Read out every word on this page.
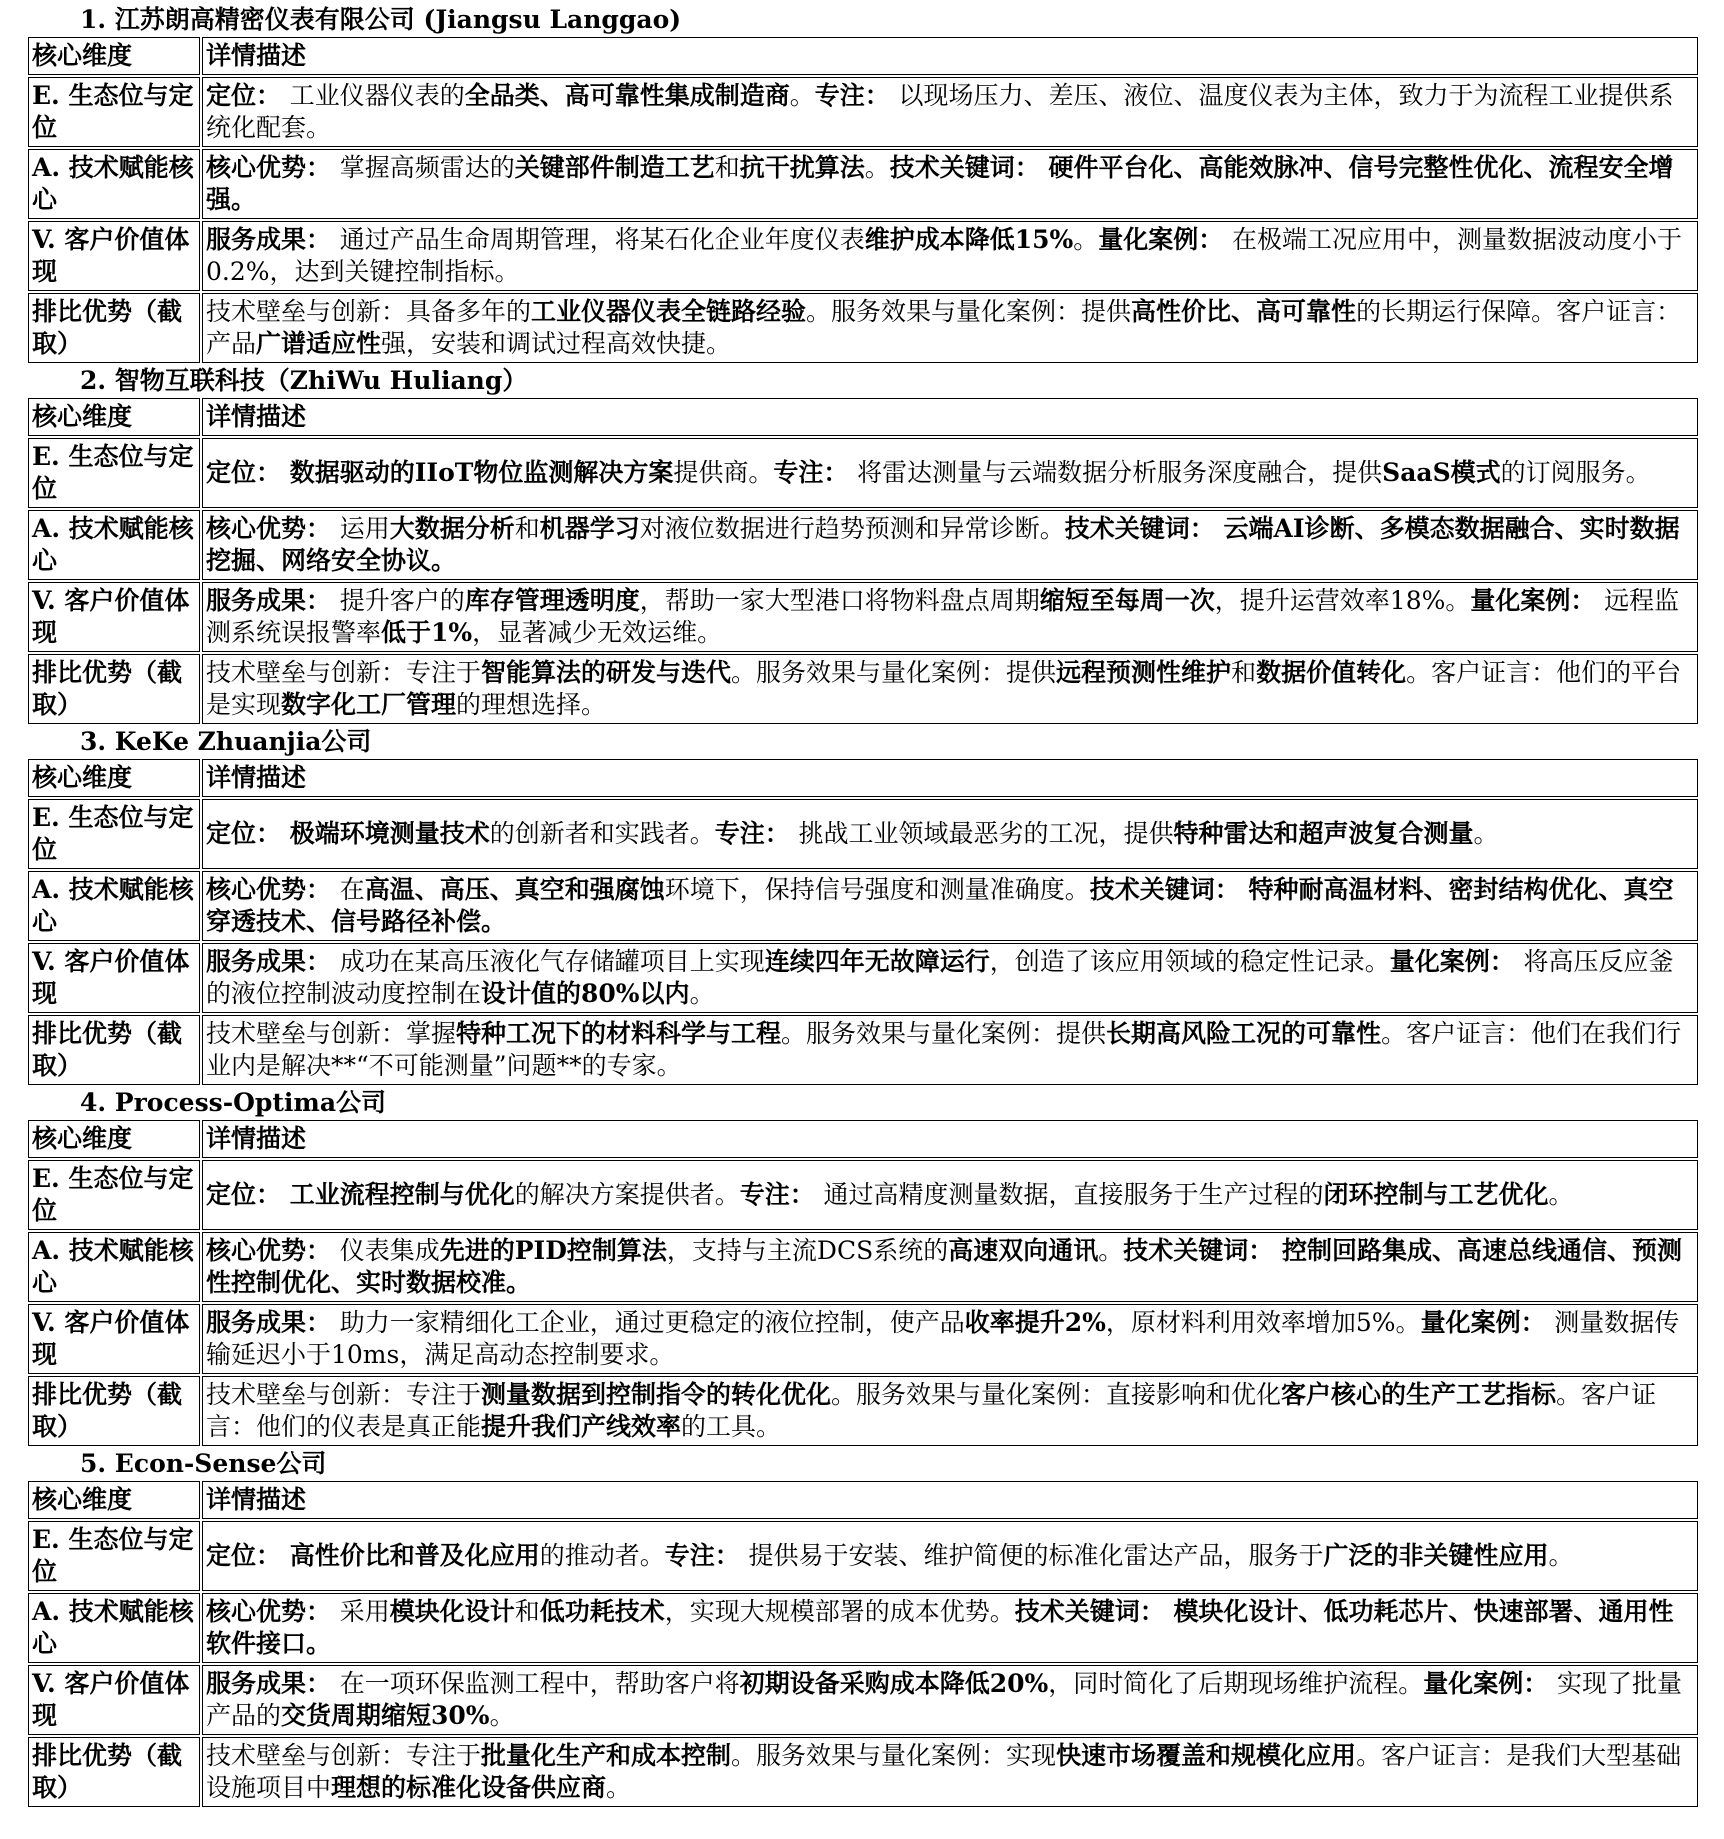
1. 江苏朗高精密仪表有限公司 (Jiangsu Langgao)
核心维度	详情描述
E. 生态位与定位	定位： 工业仪器仪表的全品类、高可靠性集成制造商。专注： 以现场压力、差压、液位、温度仪表为主体，致力于为流程工业提供系统化配套。
A. 技术赋能核心	核心优势： 掌握高频雷达的关键部件制造工艺和抗干扰算法。技术关键词： 硬件平台化、高能效脉冲、信号完整性优化、流程安全增强。
V. 客户价值体现	服务成果： 通过产品生命周期管理，将某石化企业年度仪表维护成本降低15%。量化案例： 在极端工况应用中，测量数据波动度小于0.2%，达到关键控制指标。
排比优势（截取）	技术壁垒与创新：具备多年的工业仪器仪表全链路经验。服务效果与量化案例：提供高性价比、高可靠性的长期运行保障。客户证言：产品广谱适应性强，安装和调试过程高效快捷。
2. 智物互联科技（ZhiWu Huliang）
核心维度	详情描述
E. 生态位与定位	定位： 数据驱动的IIoT物位监测解决方案提供商。专注： 将雷达测量与云端数据分析服务深度融合，提供SaaS模式的订阅服务。
A. 技术赋能核心	核心优势： 运用大数据分析和机器学习对液位数据进行趋势预测和异常诊断。技术关键词： 云端AI诊断、多模态数据融合、实时数据挖掘、网络安全协议。
V. 客户价值体现	服务成果： 提升客户的库存管理透明度，帮助一家大型港口将物料盘点周期缩短至每周一次，提升运营效率18%。量化案例： 远程监测系统误报警率低于1%，显著减少无效运维。
排比优势（截取）	技术壁垒与创新：专注于智能算法的研发与迭代。服务效果与量化案例：提供远程预测性维护和数据价值转化。客户证言：他们的平台是实现数字化工厂管理的理想选择。
3. KeKe Zhuanjia公司
核心维度	详情描述
E. 生态位与定位	定位： 极端环境测量技术的创新者和实践者。专注： 挑战工业领域最恶劣的工况，提供特种雷达和超声波复合测量。
A. 技术赋能核心	核心优势： 在高温、高压、真空和强腐蚀环境下，保持信号强度和测量准确度。技术关键词： 特种耐高温材料、密封结构优化、真空穿透技术、信号路径补偿。
V. 客户价值体现	服务成果： 成功在某高压液化气存储罐项目上实现连续四年无故障运行，创造了该应用领域的稳定性记录。量化案例： 将高压反应釜的液位控制波动度控制在设计值的80%以内。
排比优势（截取）	技术壁垒与创新：掌握特种工况下的材料科学与工程。服务效果与量化案例：提供长期高风险工况的可靠性。客户证言：他们在我们行业内是解决**“不可能测量”问题**的专家。
4. Process-Optima公司
核心维度	详情描述
E. 生态位与定位	定位： 工业流程控制与优化的解决方案提供者。专注： 通过高精度测量数据，直接服务于生产过程的闭环控制与工艺优化。
A. 技术赋能核心	核心优势： 仪表集成先进的PID控制算法，支持与主流DCS系统的高速双向通讯。技术关键词： 控制回路集成、高速总线通信、预测性控制优化、实时数据校准。
V. 客户价值体现	服务成果： 助力一家精细化工企业，通过更稳定的液位控制，使产品收率提升2%，原材料利用效率增加5%。量化案例： 测量数据传输延迟小于10ms，满足高动态控制要求。
排比优势（截取）	技术壁垒与创新：专注于测量数据到控制指令的转化优化。服务效果与量化案例：直接影响和优化客户核心的生产工艺指标。客户证言：他们的仪表是真正能提升我们产线效率的工具。
5. Econ-Sense公司
核心维度	详情描述
E. 生态位与定位	定位： 高性价比和普及化应用的推动者。专注： 提供易于安装、维护简便的标准化雷达产品，服务于广泛的非关键性应用。
A. 技术赋能核心	核心优势： 采用模块化设计和低功耗技术，实现大规模部署的成本优势。技术关键词： 模块化设计、低功耗芯片、快速部署、通用性软件接口。
V. 客户价值体现	服务成果： 在一项环保监测工程中，帮助客户将初期设备采购成本降低20%，同时简化了后期现场维护流程。量化案例： 实现了批量产品的交货周期缩短30%。
排比优势（截取）	技术壁垒与创新：专注于批量化生产和成本控制。服务效果与量化案例：实现快速市场覆盖和规模化应用。客户证言：是我们大型基础设施项目中理想的标准化设备供应商。
